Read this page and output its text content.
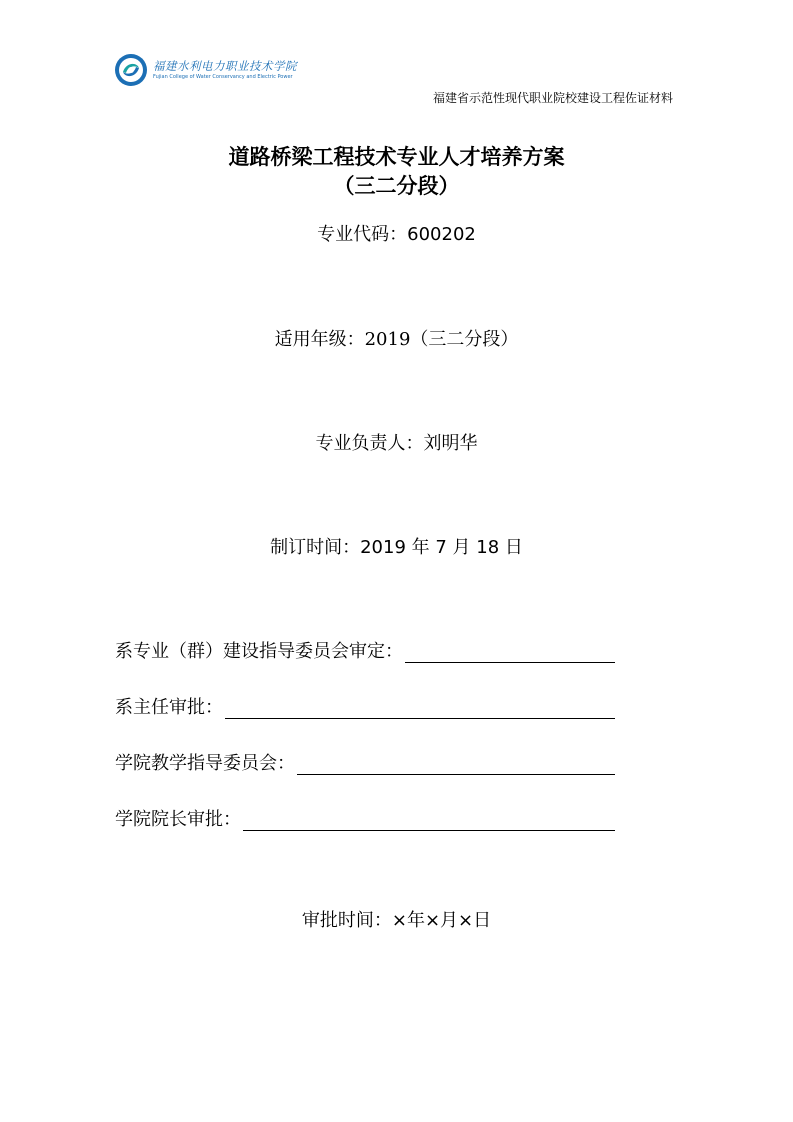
福建水利电力职业技术学院
Fujian College of Water Conservancy and Electric Power
福建省示范性现代职业院校建设工程佐证材料
道路桥梁工程技术专业人才培养方案
（三二分段）
专业代码：600202
适用年级：2019（三二分段）
专业负责人：刘明华
制订时间：2019 年 7 月 18 日
系专业（群）建设指导委员会审定：
系主任审批：
学院教学指导委员会：
学院院长审批：
审批时间：×年×月×日
